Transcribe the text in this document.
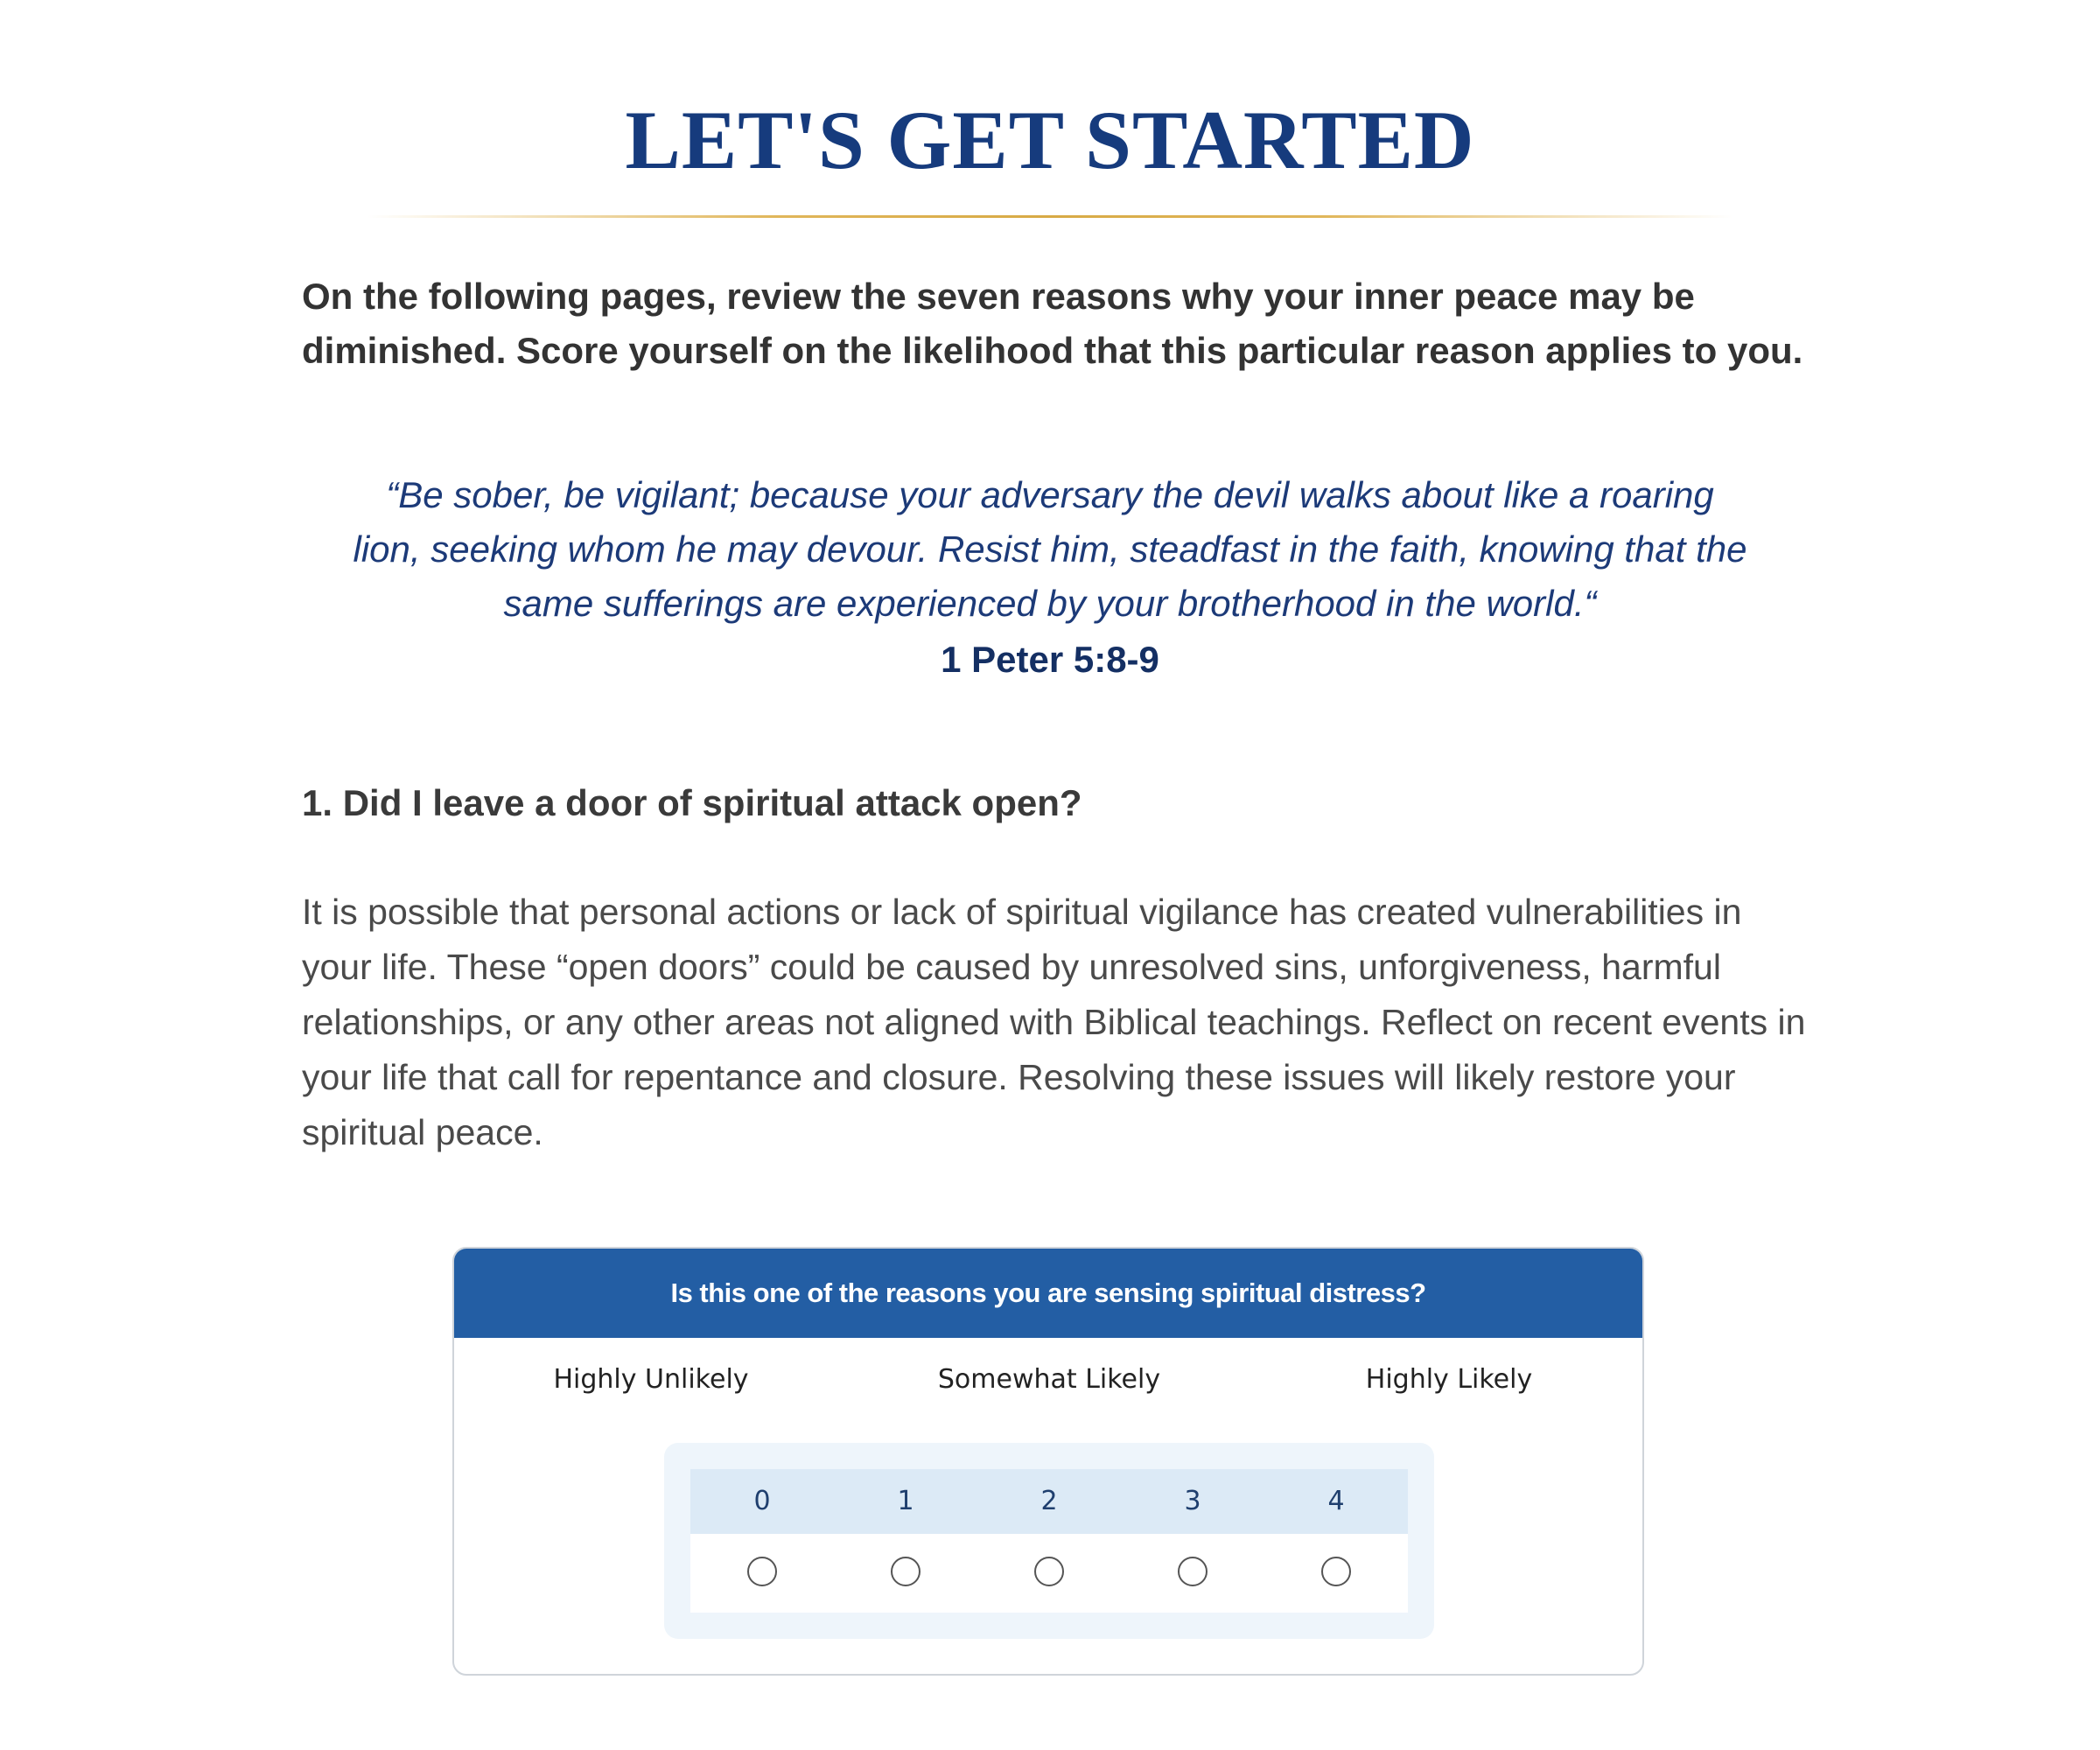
LET'S GET STARTED

On the following pages, review the seven reasons why your inner peace may be diminished. Score yourself on the likelihood that this particular reason applies to you.

“Be sober, be vigilant; because your adversary the devil walks about like a roaring
lion, seeking whom he may devour. Resist him, steadfast in the faith, knowing that the
same sufferings are experienced by your brotherhood in the world.“

1 Peter 5:8-9

1. Did I leave a door of spiritual attack open?

It is possible that personal actions or lack of spiritual vigilance has created vulnerabilities in your life. These “open doors” could be caused by unresolved sins, unforgiveness, harmful relationships, or any other areas not aligned with Biblical teachings. Reflect on recent events in your life that call for repentance and closure. Resolving these issues will likely restore your spiritual peace.

Is this one of the reasons you are sensing spiritual distress?
Highly Unlikely	Somewhat Likely	Highly Likely
0	1	2	3	4
